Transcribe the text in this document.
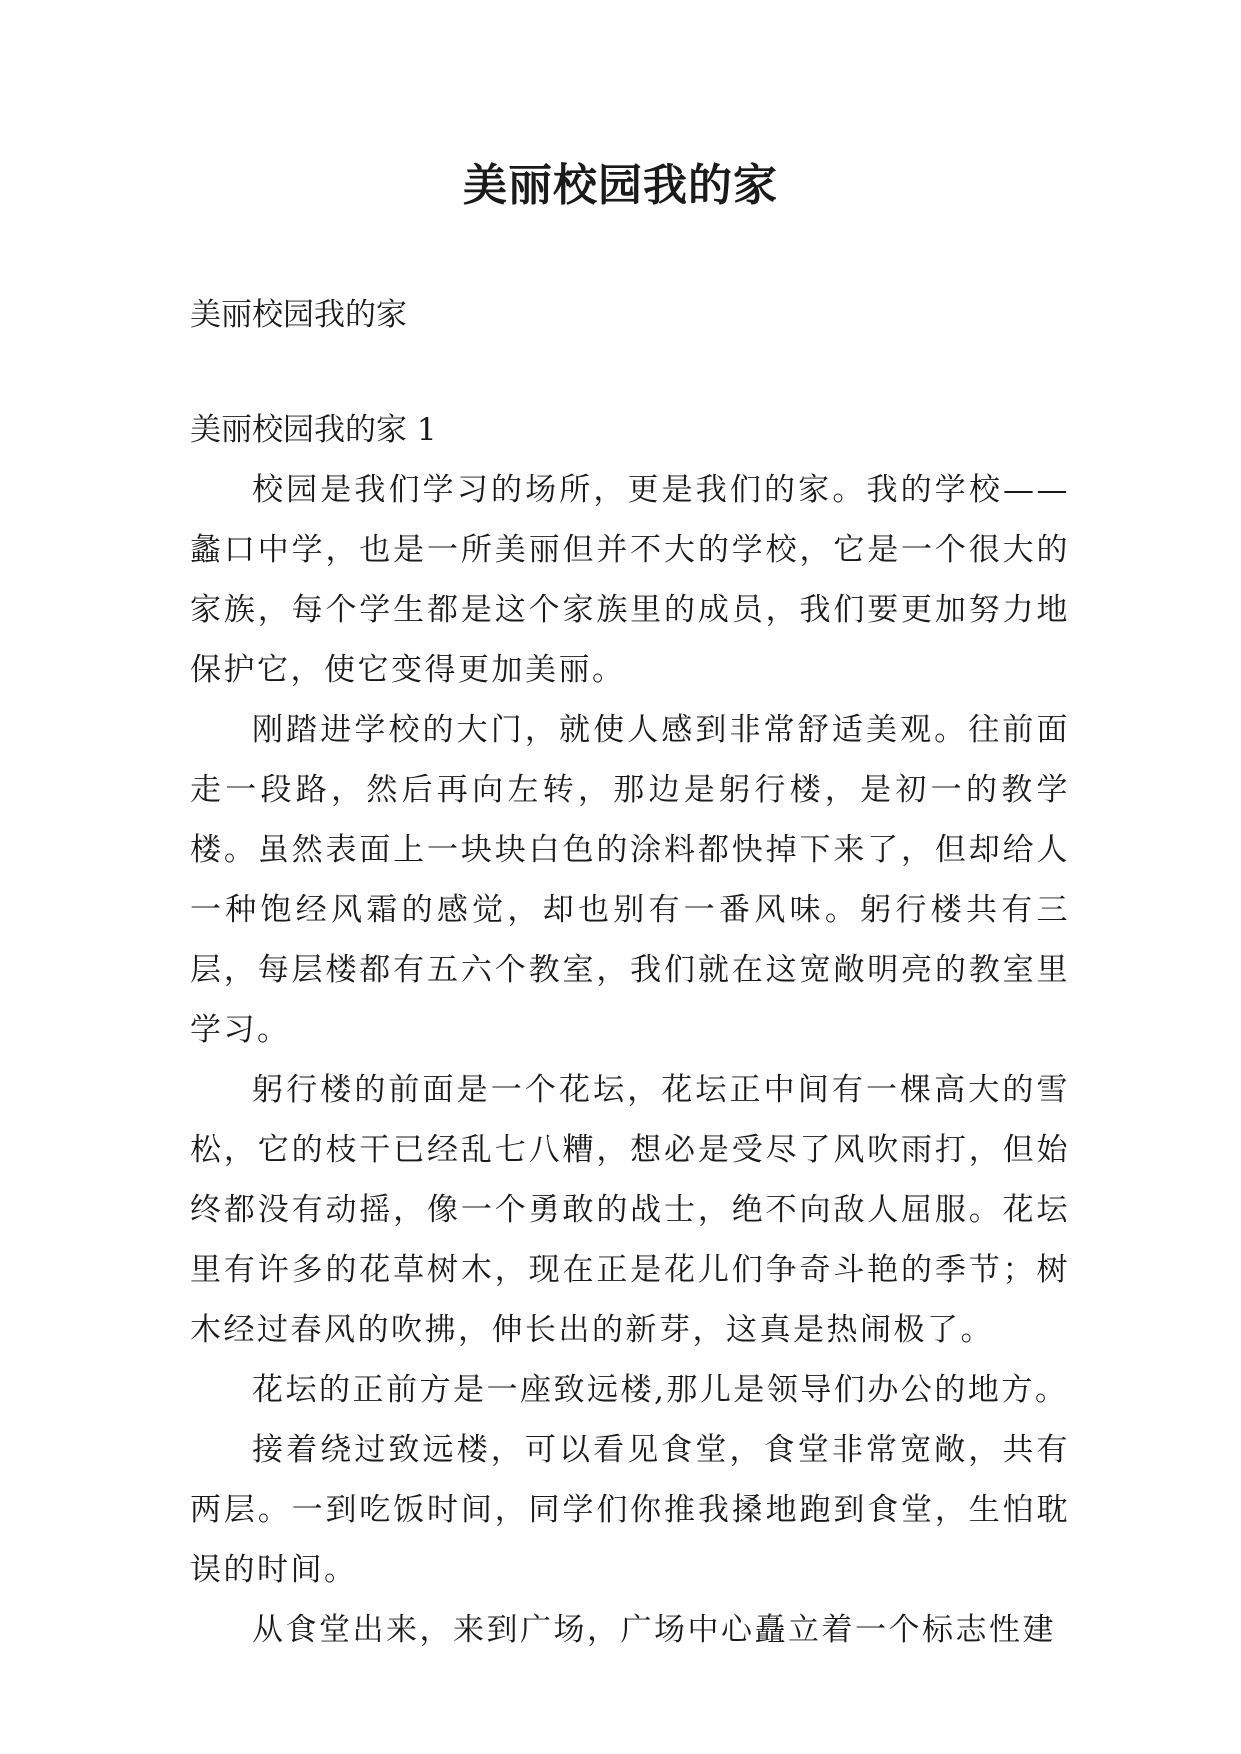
美丽校园我的家

美丽校园我的家

美丽校园我的家 1

校园是我们学习的场所，更是我们的家。我的学校——蠡口中学，也是一所美丽但并不大的学校，它是一个很大的家族，每个学生都是这个家族里的成员，我们要更加努力地保护它，使它变得更加美丽。

刚踏进学校的大门，就使人感到非常舒适美观。往前面走一段路，然后再向左转，那边是躬行楼，是初一的教学楼。虽然表面上一块块白色的涂料都快掉下来了，但却给人一种饱经风霜的感觉，却也别有一番风味。躬行楼共有三层，每层楼都有五六个教室，我们就在这宽敞明亮的教室里学习。

躬行楼的前面是一个花坛，花坛正中间有一棵高大的雪松，它的枝干已经乱七八糟，想必是受尽了风吹雨打，但始终都没有动摇，像一个勇敢的战士，绝不向敌人屈服。花坛里有许多的花草树木，现在正是花儿们争奇斗艳的季节；树木经过春风的吹拂，伸长出的新芽，这真是热闹极了。

花坛的正前方是一座致远楼,那儿是领导们办公的地方。

接着绕过致远楼，可以看见食堂，食堂非常宽敞，共有两层。一到吃饭时间，同学们你推我搡地跑到食堂，生怕耽误的时间。

从食堂出来，来到广场，广场中心矗立着一个标志性建
